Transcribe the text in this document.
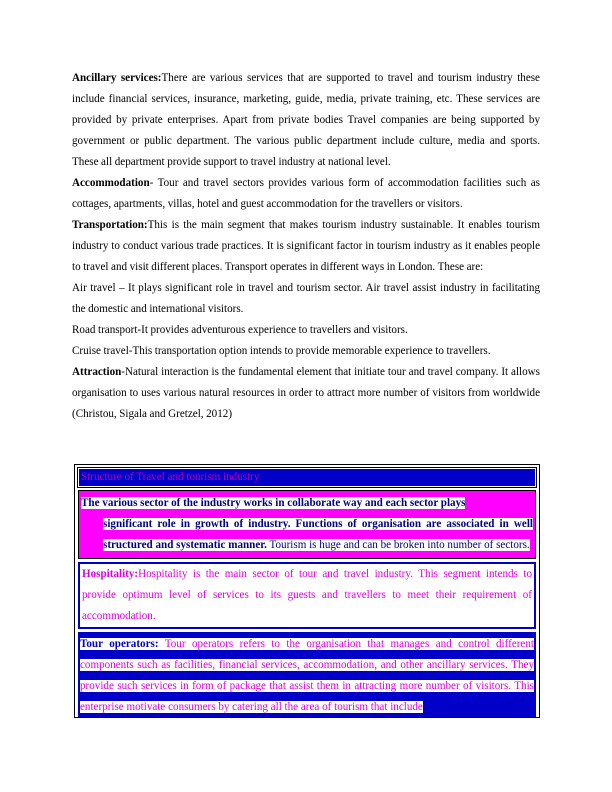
Ancillary services:There are various services that are supported to travel and tourism industry these include financial services, insurance, marketing, guide, media, private training, etc. These services are provided by private enterprises. Apart from private bodies Travel companies are being supported by government or public department. The various public department include culture, media and sports. These all department provide support to travel industry at national level.

Accommodation- Tour and travel sectors provides various form of accommodation facilities such as cottages, apartments, villas, hotel and guest accommodation for the travellers or visitors.

Transportation:This is the main segment that makes tourism industry sustainable. It enables tourism industry to conduct various trade practices. It is significant factor in tourism industry as it enables people to travel and visit different places. Transport operates in different ways in London. These are:

Air travel – It plays significant role in travel and tourism sector. Air travel assist industry in facilitating the domestic and international visitors.

Road transport-It provides adventurous experience to travellers and visitors.

Cruise travel-This transportation option intends to provide memorable experience to travellers.

Attraction-Natural interaction is the fundamental element that initiate tour and travel company. It allows organisation to uses various natural resources in order to attract more number of visitors from worldwide (Christou, Sigala and Gretzel, 2012)

Structure of Travel and tourism industry
The various sector of the industry works in collaborate way and each sector plays
significant role in growth of industry. Functions of organisation are associated in well structured and systematic manner. Tourism is huge and can be broken into number of sectors.
Hospitality:Hospitality is the main sector of tour and travel industry. This segment intends to provide optimum level of services to its guests and travellers to meet their requirement of accommodation.
Tour operators: Tour operators refers to the organisation that manages and control different components such as facilities, financial services, accommodation, and other ancillary services. They provide such services in form of package that assist them in attracting more number of visitors. This enterprise motivate consumers by catering all the area of tourism that include
